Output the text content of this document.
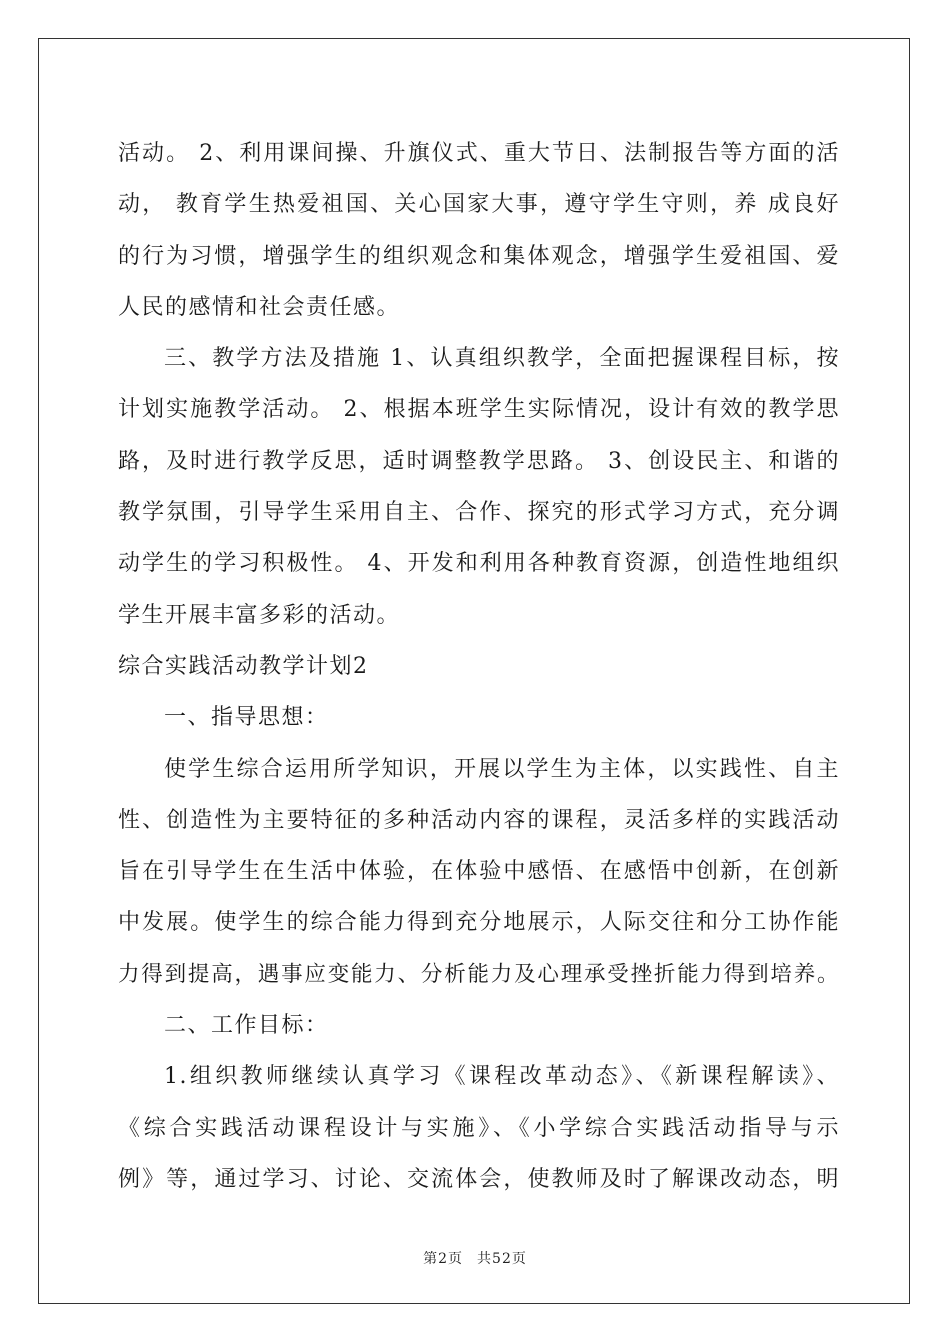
活动。 2、利用课间操、升旗仪式、重大节日、法制报告等方面的活
动， 教育学生热爱祖国、关心国家大事，遵守学生守则，养 成良好
的行为习惯，增强学生的组织观念和集体观念，增强学生爱祖国、爱
人民的感情和社会责任感。
三、教学方法及措施 1、认真组织教学，全面把握课程目标，按
计划实施教学活动。 2、根据本班学生实际情况，设计有效的教学思
路，及时进行教学反思，适时调整教学思路。 3、创设民主、和谐的
教学氛围，引导学生采用自主、合作、探究的形式学习方式，充分调
动学生的学习积极性。 4、开发和利用各种教育资源，创造性地组织
学生开展丰富多彩的活动。
综合实践活动教学计划2
一、指导思想：
使学生综合运用所学知识，开展以学生为主体，以实践性、自主
性、创造性为主要特征的多种活动内容的课程，灵活多样的实践活动
旨在引导学生在生活中体验，在体验中感悟、在感悟中创新，在创新
中发展。使学生的综合能力得到充分地展示，人际交往和分工协作能
力得到提高，遇事应变能力、分析能力及心理承受挫折能力得到培养。
二、工作目标：
1.组织教师继续认真学习《课程改革动态》、《新课程解读》、
《综合实践活动课程设计与实施》、《小学综合实践活动指导与示
例》等，通过学习、讨论、交流体会，使教师及时了解课改动态，明
第2页 共52页
